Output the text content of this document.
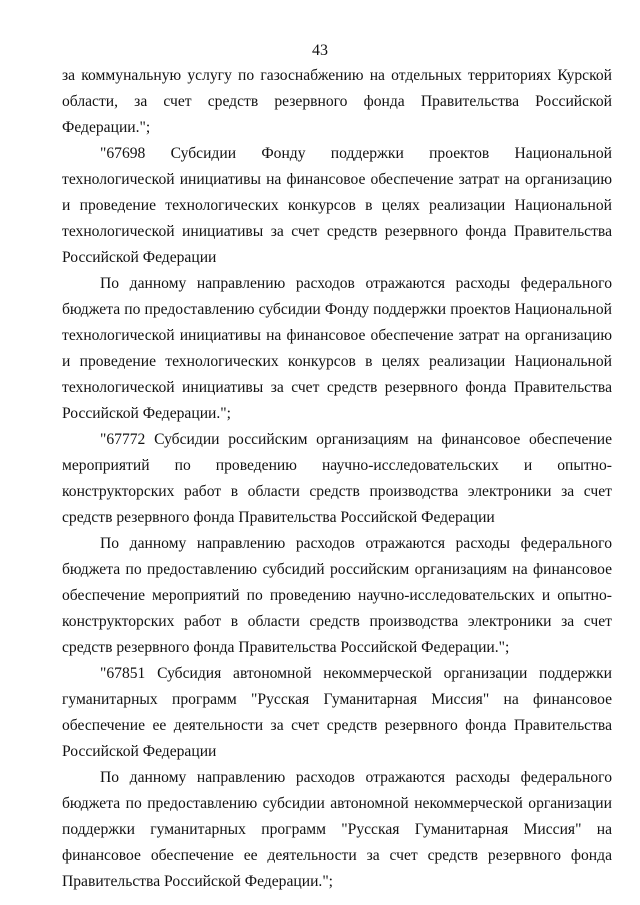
43

за коммунальную услугу по газоснабжению на отдельных территориях Курской области, за счет средств резервного фонда Правительства Российской Федерации.";

"67698 Субсидии Фонду поддержки проектов Национальной технологической инициативы на финансовое обеспечение затрат на организацию и проведение технологических конкурсов в целях реализации Национальной технологической инициативы за счет средств резервного фонда Правительства Российской Федерации

По данному направлению расходов отражаются расходы федерального бюджета по предоставлению субсидии Фонду поддержки проектов Национальной технологической инициативы на финансовое обеспечение затрат на организацию и проведение технологических конкурсов в целях реализации Национальной технологической инициативы за счет средств резервного фонда Правительства Российской Федерации.";

"67772 Субсидии российским организациям на финансовое обеспечение мероприятий по проведению научно-исследовательских и опытно-конструкторских работ в области средств производства электроники за счет средств резервного фонда Правительства Российской Федерации

По данному направлению расходов отражаются расходы федерального бюджета по предоставлению субсидий российским организациям на финансовое обеспечение мероприятий по проведению научно-исследовательских и опытно-конструкторских работ в области средств производства электроники за счет средств резервного фонда Правительства Российской Федерации.";

"67851 Субсидия автономной некоммерческой организации поддержки гуманитарных программ "Русская Гуманитарная Миссия" на финансовое обеспечение ее деятельности за счет средств резервного фонда Правительства Российской Федерации

По данному направлению расходов отражаются расходы федерального бюджета по предоставлению субсидии автономной некоммерческой организации поддержки гуманитарных программ "Русская Гуманитарная Миссия" на финансовое обеспечение ее деятельности за счет средств резервного фонда Правительства Российской Федерации.";
